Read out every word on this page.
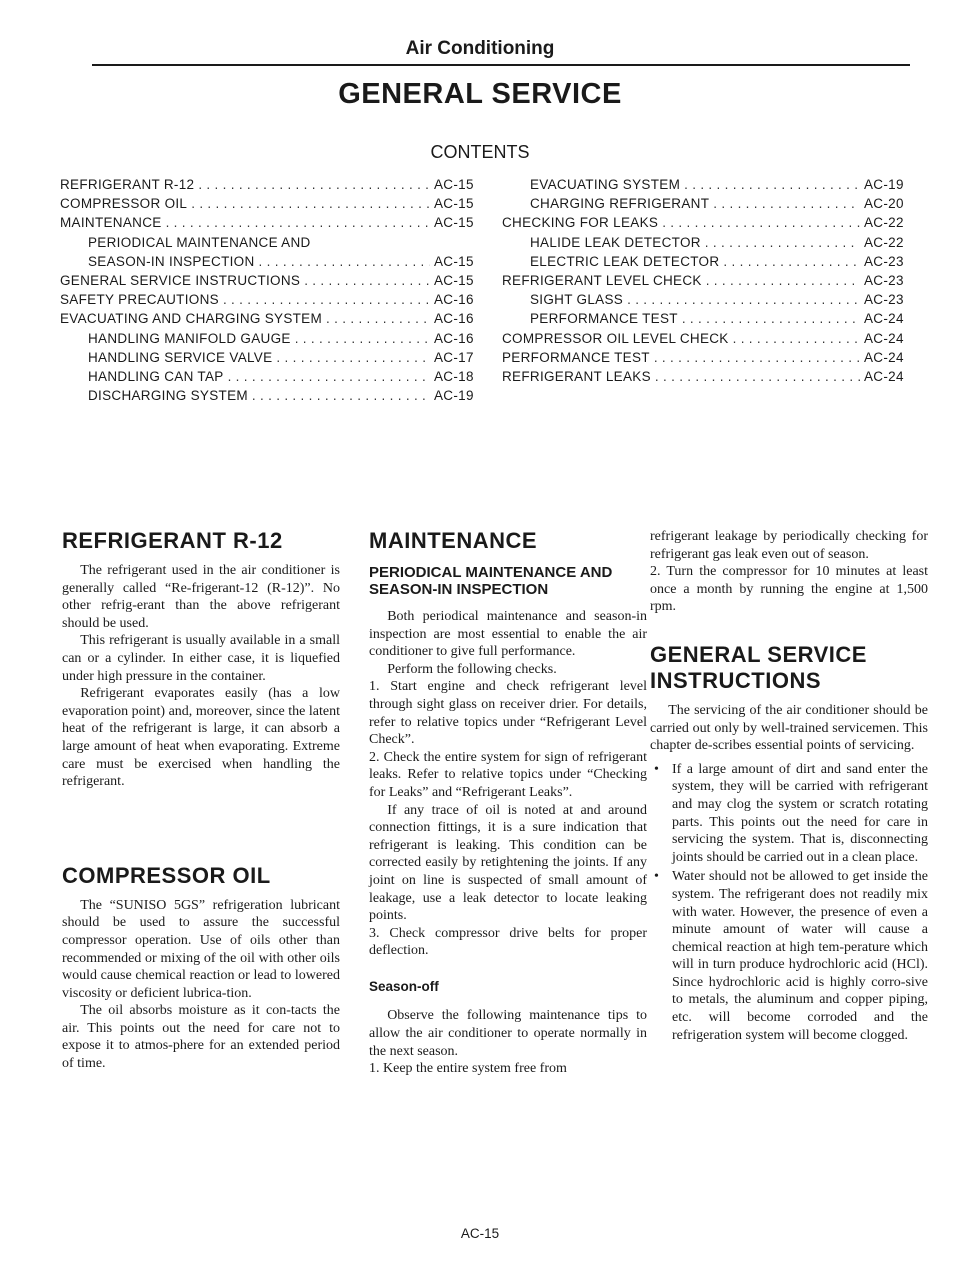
Air Conditioning
GENERAL SERVICE
CONTENTS
REFRIGERANT R-12 . . .	AC-15
COMPRESSOR OIL . . .	AC-15
MAINTENANCE . . .	AC-15
PERIODICAL MAINTENANCE AND
SEASON-IN INSPECTION . . .	AC-15
GENERAL SERVICE INSTRUCTIONS . . .	AC-15
SAFETY PRECAUTIONS . . .	AC-16
EVACUATING AND CHARGING SYSTEM . . .	AC-16
HANDLING MANIFOLD GAUGE . . .	AC-16
HANDLING SERVICE VALVE . . .	AC-17
HANDLING CAN TAP . . .	AC-18
DISCHARGING SYSTEM . . .	AC-19
EVACUATING SYSTEM . . .	AC-19
CHARGING REFRIGERANT . . .	AC-20
CHECKING FOR LEAKS . . .	AC-22
HALIDE LEAK DETECTOR . . .	AC-22
ELECTRIC LEAK DETECTOR . . .	AC-23
REFRIGERANT LEVEL CHECK . . .	AC-23
SIGHT GLASS . . .	AC-23
PERFORMANCE TEST . . .	AC-24
COMPRESSOR OIL LEVEL CHECK . . .	AC-24
PERFORMANCE TEST . . .	AC-24
REFRIGERANT LEAKS . . .	AC-24
REFRIGERANT R-12

The refrigerant used in the air conditioner is generally called “Re-frigerant-12 (R-12)”. No other refrig-erant than the above refrigerant should be used.

This refrigerant is usually available in a small can or a cylinder. In either case, it is liquefied under high pressure in the container.

Refrigerant evaporates easily (has a low evaporation point) and, moreover, since the latent heat of the refrigerant is large, it can absorb a large amount of heat when evaporating. Extreme care must be exercised when handling the refrigerant.

COMPRESSOR OIL

The “SUNISO 5GS” refrigeration lubricant should be used to assure the successful compressor operation. Use of oils other than recommended or mixing of the oil with other oils would cause chemical reaction or lead to lowered viscosity or deficient lubrica-tion.

The oil absorbs moisture as it con-tacts the air. This points out the need for care not to expose it to atmos-phere for an extended period of time.

MAINTENANCE
PERIODICAL MAINTENANCE AND SEASON-IN INSPECTION

Both periodical maintenance and season-in inspection are most essential to enable the air conditioner to give full performance.

Perform the following checks.

1. Start engine and check refrigerant level through sight glass on receiver drier. For details, refer to relative topics under “Refrigerant Level Check”.

2. Check the entire system for sign of refrigerant leaks. Refer to relative topics under “Checking for Leaks” and “Refrigerant Leaks”.

If any trace of oil is noted at and around connection fittings, it is a sure indication that refrigerant is leaking. This condition can be corrected easily by retightening the joints. If any joint on line is suspected of small amount of leakage, use a leak detector to locate leaking points.

3. Check compressor drive belts for proper deflection.

Season-off

Observe the following maintenance tips to allow the air conditioner to operate normally in the next season.

1. Keep the entire system free from

refrigerant leakage by periodically checking for refrigerant gas leak even out of season.

2. Turn the compressor for 10 minutes at least once a month by running the engine at 1,500 rpm.

GENERAL SERVICE INSTRUCTIONS

The servicing of the air conditioner should be carried out only by well-trained servicemen. This chapter de-scribes essential points of servicing.

• If a large amount of dirt and sand enter the system, they will be carried with refrigerant and may clog the system or scratch rotating parts. This points out the need for care in servicing the system. That is, disconnecting joints should be carried out in a clean place.
• Water should not be allowed to get inside the system. The refrigerant does not readily mix with water. However, the presence of even a minute amount of water will cause a chemical reaction at high tem-perature which will in turn produce hydrochloric acid (HCl). Since hydrochloric acid is highly corro-sive to metals, the aluminum and copper piping, etc. will become corroded and the refrigeration system will become clogged.
AC-15
